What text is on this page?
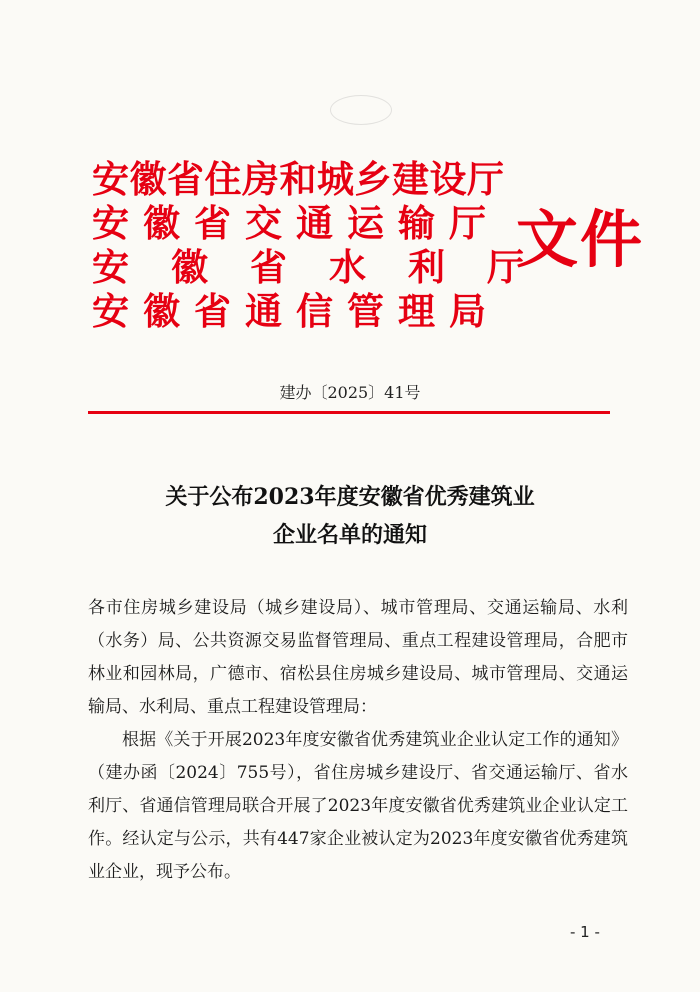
安徽省住房和城乡建设厅
安徽省交通运输厅
安徽省水利厅
安徽省通信管理局
文件
建办〔2025〕41号
关于公布2023年度安徽省优秀建筑业
企业名单的通知

各市住房城乡建设局（城乡建设局）、城市管理局、交通运输局、水利（水务）局、公共资源交易监督管理局、重点工程建设管理局，合肥市林业和园林局，广德市、宿松县住房城乡建设局、城市管理局、交通运输局、水利局、重点工程建设管理局：

根据《关于开展2023年度安徽省优秀建筑业企业认定工作的通知》（建办函〔2024〕755号），省住房城乡建设厅、省交通运输厅、省水利厅、省通信管理局联合开展了2023年度安徽省优秀建筑业企业认定工作。经认定与公示，共有447家企业被认定为2023年度安徽省优秀建筑业企业，现予公布。

- 1 -
